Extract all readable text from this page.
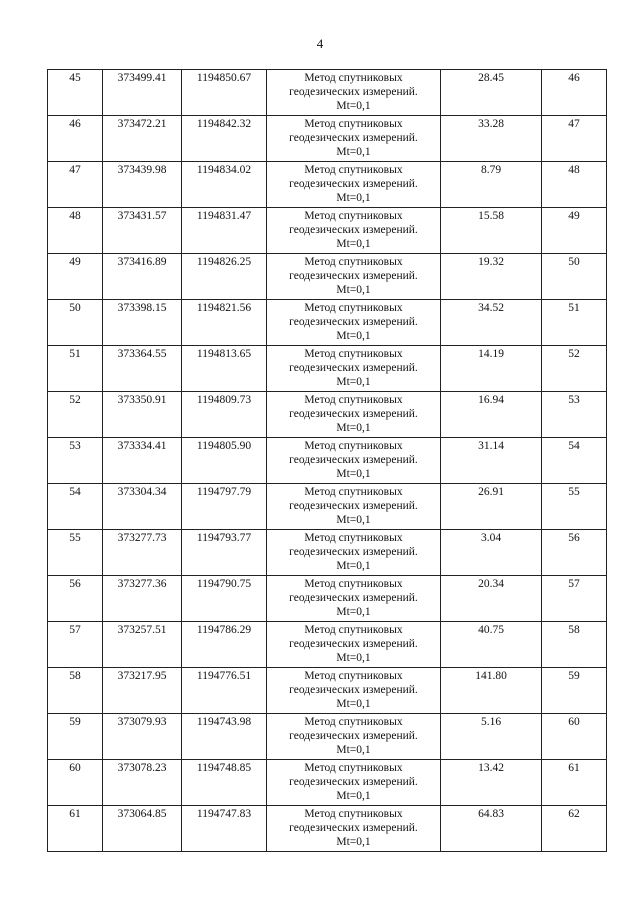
4
45	373499.41	1194850.67	Метод спутниковых
геодезических измерений.
Mt=0,1	28.45	46
46	373472.21	1194842.32	Метод спутниковых
геодезических измерений.
Mt=0,1	33.28	47
47	373439.98	1194834.02	Метод спутниковых
геодезических измерений.
Mt=0,1	8.79	48
48	373431.57	1194831.47	Метод спутниковых
геодезических измерений.
Mt=0,1	15.58	49
49	373416.89	1194826.25	Метод спутниковых
геодезических измерений.
Mt=0,1	19.32	50
50	373398.15	1194821.56	Метод спутниковых
геодезических измерений.
Mt=0,1	34.52	51
51	373364.55	1194813.65	Метод спутниковых
геодезических измерений.
Mt=0,1	14.19	52
52	373350.91	1194809.73	Метод спутниковых
геодезических измерений.
Mt=0,1	16.94	53
53	373334.41	1194805.90	Метод спутниковых
геодезических измерений.
Mt=0,1	31.14	54
54	373304.34	1194797.79	Метод спутниковых
геодезических измерений.
Mt=0,1	26.91	55
55	373277.73	1194793.77	Метод спутниковых
геодезических измерений.
Mt=0,1	3.04	56
56	373277.36	1194790.75	Метод спутниковых
геодезических измерений.
Mt=0,1	20.34	57
57	373257.51	1194786.29	Метод спутниковых
геодезических измерений.
Mt=0,1	40.75	58
58	373217.95	1194776.51	Метод спутниковых
геодезических измерений.
Mt=0,1	141.80	59
59	373079.93	1194743.98	Метод спутниковых
геодезических измерений.
Mt=0,1	5.16	60
60	373078.23	1194748.85	Метод спутниковых
геодезических измерений.
Mt=0,1	13.42	61
61	373064.85	1194747.83	Метод спутниковых
геодезических измерений.
Mt=0,1	64.83	62
